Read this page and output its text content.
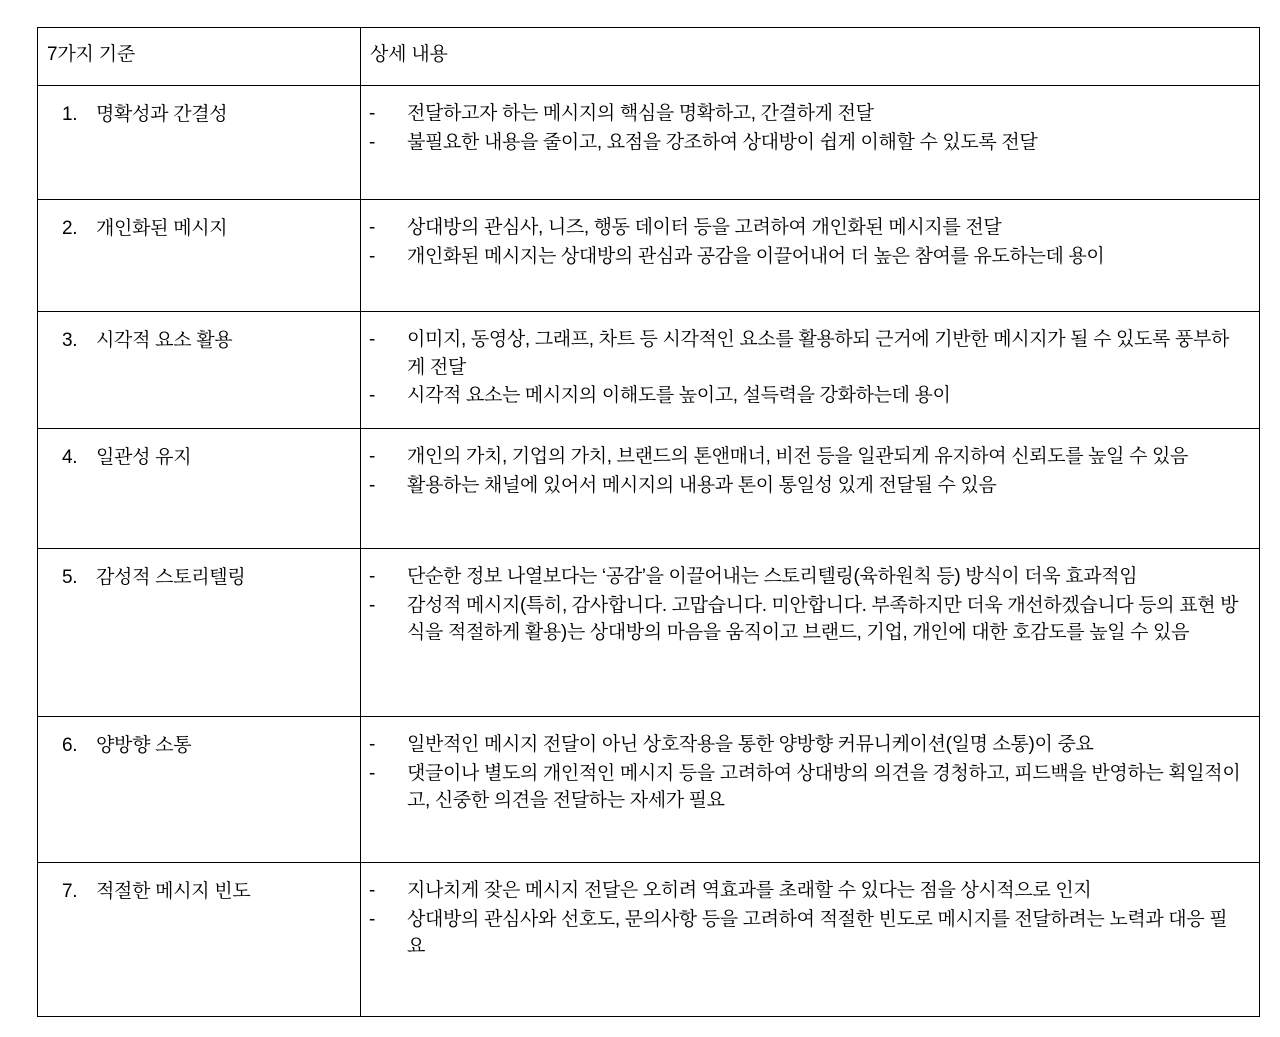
7가지 기준	상세 내용

1. 명확성과 간결성	-	전달하고자 하는 메시지의 핵심을 명확하고, 간결하게 전달
-	불필요한 내용을 줄이고, 요점을 강조하여 상대방이 쉽게 이해할 수 있도록 전달

2. 개인화된 메시지	-	상대방의 관심사, 니즈, 행동 데이터 등을 고려하여 개인화된 메시지를 전달
-	개인화된 메시지는 상대방의 관심과 공감을 이끌어내어 더 높은 참여를 유도하는데 용이

3. 시각적 요소 활용	-	이미지, 동영상, 그래프, 차트 등 시각적인 요소를 활용하되 근거에 기반한 메시지가 될 수 있도록 풍부하게 전달
-	시각적 요소는 메시지의 이해도를 높이고, 설득력을 강화하는데 용이

4. 일관성 유지	-	개인의 가치, 기업의 가치, 브랜드의 톤앤매너, 비전 등을 일관되게 유지하여 신뢰도를 높일 수 있음
-	활용하는 채널에 있어서 메시지의 내용과 톤이 통일성 있게 전달될 수 있음

5. 감성적 스토리텔링	-	단순한 정보 나열보다는 ‘공감’을 이끌어내는 스토리텔링(육하원칙 등) 방식이 더욱 효과적임
-	감성적 메시지(특히, 감사합니다. 고맙습니다. 미안합니다. 부족하지만 더욱 개선하겠습니다 등의 표현 방식을 적절하게 활용)는 상대방의 마음을 움직이고 브랜드, 기업, 개인에 대한 호감도를 높일 수 있음

6. 양방향 소통	-	일반적인 메시지 전달이 아닌 상호작용을 통한 양방향 커뮤니케이션(일명 소통)이 중요
-	댓글이나 별도의 개인적인 메시지 등을 고려하여 상대방의 의견을 경청하고, 피드백을 반영하는 획일적이고, 신중한 의견을 전달하는 자세가 필요

7. 적절한 메시지 빈도	-	지나치게 잦은 메시지 전달은 오히려 역효과를 초래할 수 있다는 점을 상시적으로 인지
-	상대방의 관심사와 선호도, 문의사항 등을 고려하여 적절한 빈도로 메시지를 전달하려는 노력과 대응 필요
